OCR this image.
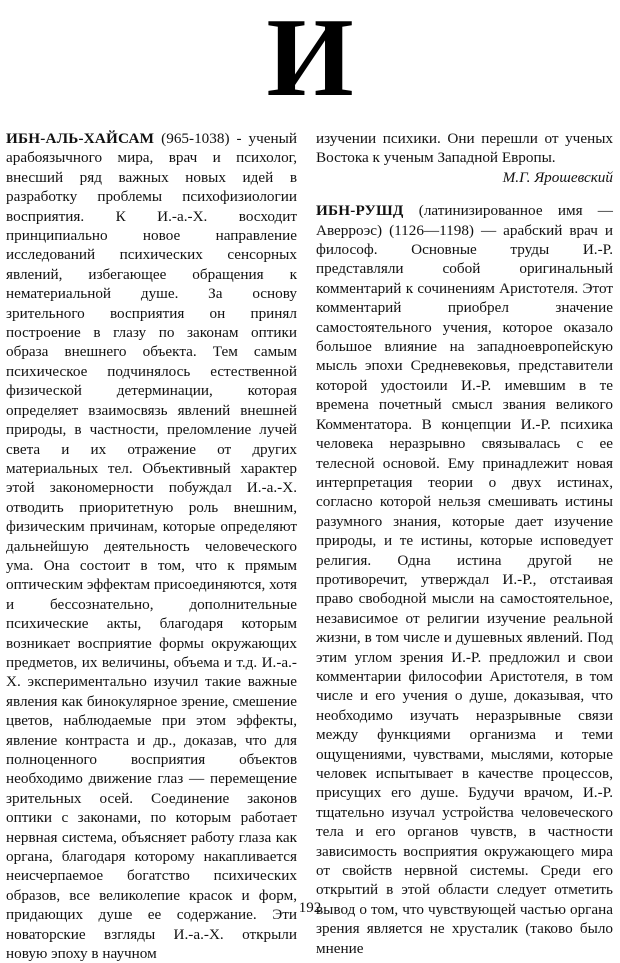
И

ИБН-АЛЬ-ХАЙСАМ (965-1038) - ученый арабоязычного мира, врач и психолог, внесший ряд важных новых идей в разработку проблемы психофизиологии восприятия. К И.-а.-Х. восходит принципиально новое направление исследований психических сенсорных явлений, избегающее обращения к нематериальной душе. За основу зрительного восприятия он принял построение в глазу по законам оптики образа внешнего объекта. Тем самым психическое подчинялось естественной физической детерминации, которая определяет взаимосвязь явлений внешней природы, в частности, преломление лучей света и их отражение от других материальных тел. Объективный характер этой закономерности побуждал И.-а.-Х. отводить приоритетную роль внешним, физическим причинам, которые определяют дальнейшую деятельность человеческого ума. Она состоит в том, что к прямым оптическим эффектам присоединяются, хотя и бессознательно, дополнительные психические акты, благодаря которым возникает восприятие формы окружающих предметов, их величины, объема и т.д. И.-а.-Х. экспериментально изучил такие важные явления как бинокулярное зрение, смешение цветов, наблюдаемые при этом эффекты, явление контраста и др., доказав, что для полноценного восприятия объектов необходимо движение глаз — перемещение зрительных осей. Соединение законов оптики с законами, по которым работает нервная система, объясняет работу глаза как органа, благодаря которому накапливается неисчерпаемое богатство психических образов, все великолепие красок и форм, придающих душе ее содержание. Эти новаторские взгляды И.-а.-Х. открыли новую эпоху в научном

изучении психики. Они перешли от ученых Востока к ученым Западной Европы.

М.Г. Ярошевский

ИБН-РУШД (латинизированное имя — Аверроэс) (1126—1198) — арабский врач и философ. Основные труды И.-Р. представляли собой оригинальный комментарий к сочинениям Аристотеля. Этот комментарий приобрел значение самостоятельного учения, которое оказало большое влияние на западноевропейскую мысль эпохи Средневековья, представители которой удостоили И.-Р. имевшим в те времена почетный смысл звания великого Комментатора. В концепции И.-Р. психика человека неразрывно связывалась с ее телесной основой. Ему принадлежит новая интерпретация теории о двух истинах, согласно которой нельзя смешивать истины разумного знания, которые дает изучение природы, и те истины, которые исповедует религия. Одна истина другой не противоречит, утверждал И.-Р., отстаивая право свободной мысли на самостоятельное, независимое от религии изучение реальной жизни, в том числе и душевных явлений. Под этим углом зрения И.-Р. предложил и свои комментарии философии Аристотеля, в том числе и его учения о душе, доказывая, что необходимо изучать неразрывные связи между функциями организма и теми ощущениями, чувствами, мыслями, которые человек испытывает в качестве процессов, присущих его душе. Будучи врачом, И.-Р. тщательно изучал устройства человеческого тела и его органов чувств, в частности зависимость восприятия окружающего мира от свойств нервной системы. Среди его открытий в этой области следует отметить вывод о том, что чувствующей частью органа зрения является не хрусталик (таково было мнение

192
